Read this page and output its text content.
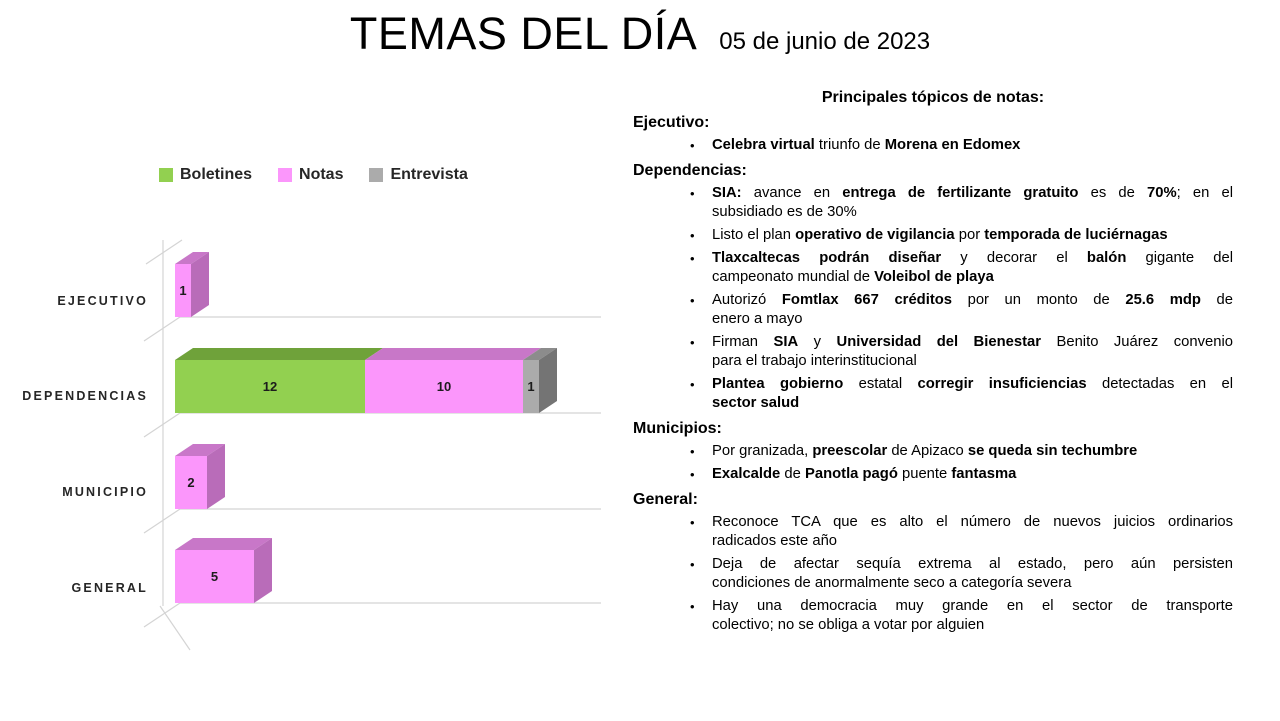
TEMAS DEL DÍA 05 de junio de 2023
Boletines	Notas	Entrevista
EJECUTIVO
DEPENDENCIAS
MUNICIPIO
GENERAL
1
12	10	1
2
5
Principales tópicos de notas:
Ejecutivo:
• Celebra virtual triunfo de Morena en Edomex
Dependencias:
• SIA: avance en entrega de fertilizante gratuito es de 70%; en el
subsidiado es de 30%
• Listo el plan operativo de vigilancia por temporada de luciérnagas
• Tlaxcaltecas podrán diseñar y decorar el balón gigante del
campeonato mundial de Voleibol de playa
• Autorizó Fomtlax 667 créditos por un monto de 25.6 mdp de
enero a mayo
• Firman SIA y Universidad del Bienestar Benito Juárez convenio
para el trabajo interinstitucional
• Plantea gobierno estatal corregir insuficiencias detectadas en el
sector salud
Municipios:
• Por granizada, preescolar de Apizaco se queda sin techumbre
• Exalcalde de Panotla pagó puente fantasma
General:
• Reconoce TCA que es alto el número de nuevos juicios ordinarios
radicados este año
• Deja de afectar sequía extrema al estado, pero aún persisten
condiciones de anormalmente seco a categoría severa
• Hay una democracia muy grande en el sector de transporte
colectivo; no se obliga a votar por alguien
